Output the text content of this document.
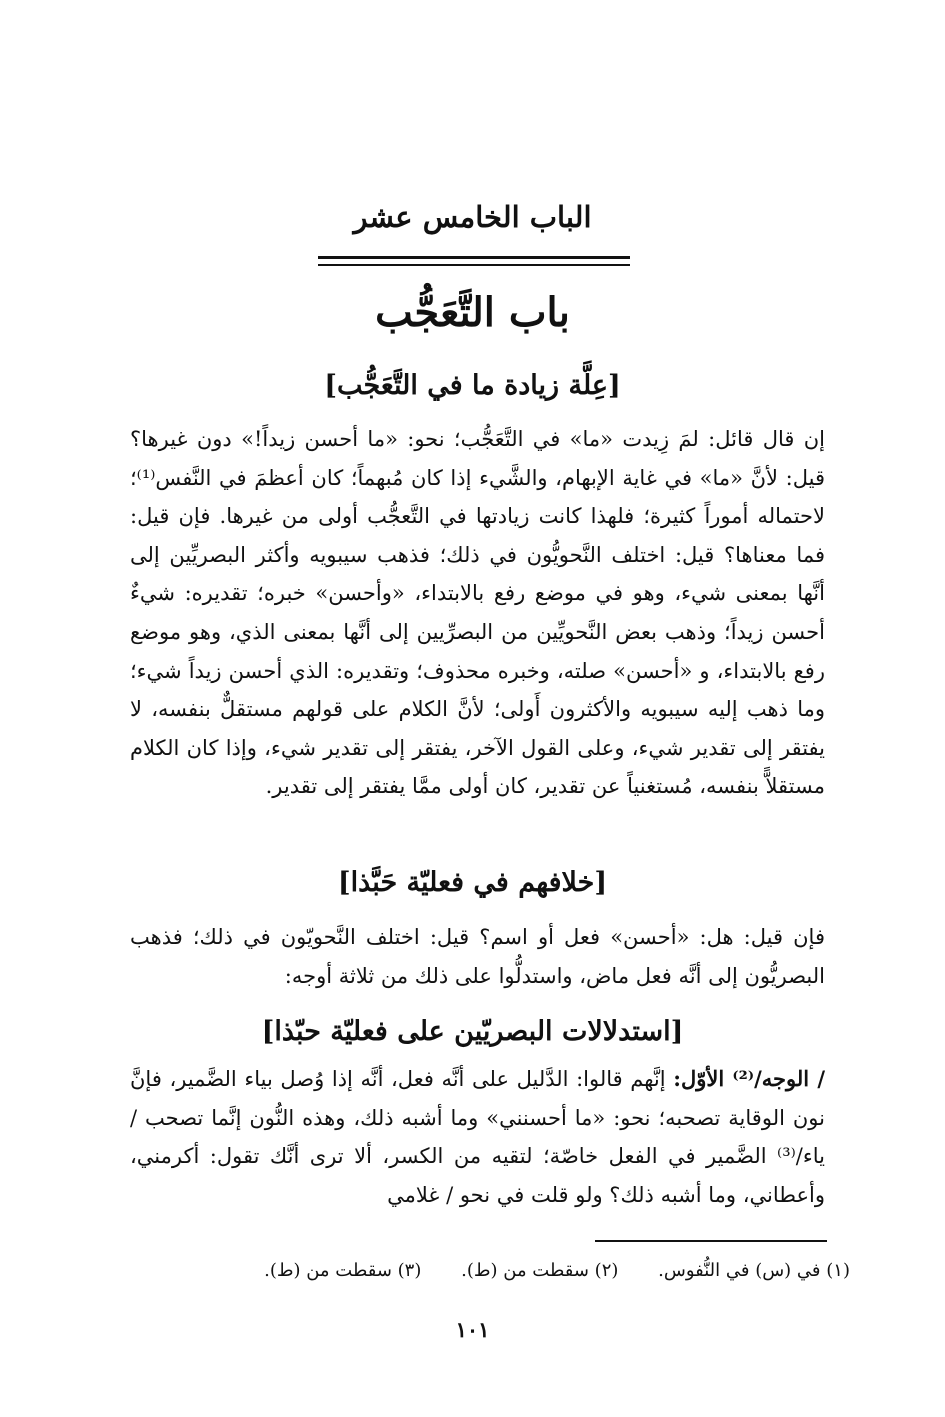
الباب الخامس عشر
باب التَّعَجُّب
[عِلَّة زيادة ما في التَّعَجُّب]
إن قال قائل: لمَ زِيدت «ما» في التَّعَجُّب؛ نحو: «ما أحسن زيداً!» دون غيرها؟ قيل: لأنَّ «ما» في غاية الإبهام، والشَّيء إذا كان مُبهماً؛ كان أعظمَ في النَّفس⁽¹⁾؛ لاحتماله أموراً كثيرة؛ فلهذا كانت زيادتها في التَّعجُّب أولى من غيرها. فإن قيل: فما معناها؟ قيل: اختلف النَّحويُّون في ذلك؛ فذهب سيبويه وأكثر البصريِّين إلى أنَّها بمعنى شيء، وهو في موضع رفع بالابتداء، «وأحسن» خبره؛ تقديره: شيءٌ أحسن زيداً؛ وذهب بعض النَّحويِّين من البصرِّيين إلى أنَّها بمعنى الذي، وهو موضع رفع بالابتداء، و «أحسن» صلته، وخبره محذوف؛ وتقديره: الذي أحسن زيداً شيء؛ وما ذهب إليه سيبويه والأكثرون أَولى؛ لأنَّ الكلام على قولهم مستقلٌّ بنفسه، لا يفتقر إلى تقدير شيء، وعلى القول الآخر، يفتقر إلى تقدير شيء، وإذا كان الكلام مستقلاًّ بنفسه، مُستغنياً عن تقدير، كان أولى ممَّا يفتقر إلى تقدير.
[خلافهم في فعليّة حَبَّذا]
فإن قيل: هل: «أحسن» فعل أو اسم؟ قيل: اختلف النَّحويّون في ذلك؛ فذهب البصريُّون إلى أنَّه فعل ماض، واستدلُّوا على ذلك من ثلاثة أوجه:
[استدلالات البصريّين على فعليّة حبّذا]
/ الوجه/⁽²⁾ الأوّل: إنَّهم قالوا: الدَّليل على أنَّه فعل، أنَّه إذا وُصل بياء الضَّمير، فإنَّ نون الوقاية تصحبه؛ نحو: «ما أحسنني» وما أشبه ذلك، وهذه النُّون إنَّما تصحب / ياء/⁽³⁾ الضَّمير في الفعل خاصّة؛ لتقيه من الكسر، ألا ترى أنَّك تقول: أكرمني، وأعطاني، وما أشبه ذلك؟ ولو قلت في نحو / غلامي
(١) في (س) في النُّفوس. (٢) سقطت من (ط). (٣) سقطت من (ط).
١٠١
